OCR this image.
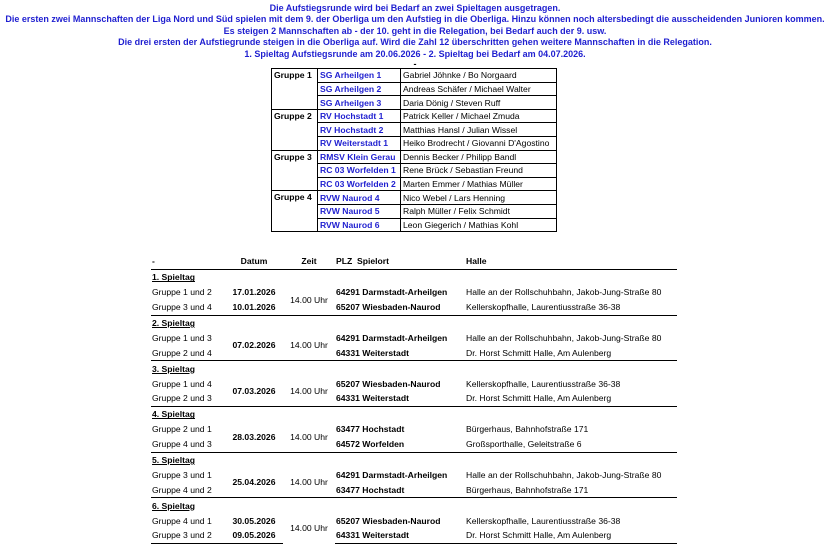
Die Aufstiegsrunde wird bei Bedarf an zwei Spieltagen ausgetragen.
Die ersten zwei Mannschaften der Liga Nord und Süd spielen mit dem 9. der Oberliga um den Aufstieg in die Oberliga. Hinzu können noch altersbedingt die ausscheidenden Junioren kommen.
Es steigen 2 Mannschaften ab - der 10. geht in die Relegation, bei Bedarf auch der 9. usw.
Die drei ersten der Aufstiegrunde steigen in die Oberliga auf. Wird die Zahl 12 überschritten gehen weitere Mannschaften in die Relegation.
1. Spieltag Aufstiegsrunde am 20.06.2026 - 2. Spieltag bei Bedarf am 04.07.2026.
-
Gruppe 1	SG Arheilgen 1	Gabriel Jöhnke / Bo Norgaard
	SG Arheilgen 2	Andreas Schäfer / Michael Walter
	SG Arheilgen 3	Daria Dönig / Steven Ruff
Gruppe 2	RV Hochstadt 1	Patrick Keller / Michael Zmuda
	RV Hochstadt 2	Matthias Hansl / Julian Wissel
	RV Weiterstadt 1	Heiko Brodrecht / Giovanni D'Agostino
Gruppe 3	RMSV Klein Gerau	Dennis Becker / Philipp Bandl
	RC 03 Worfelden 1	Rene Brück / Sebastian Freund
	RC 03 Worfelden 2	Marten Emmer / Mathias Müller
Gruppe 4	RVW Naurod 4	Nico Webel / Lars Henning
	RVW Naurod 5	Ralph Müller / Felix Schmidt
	RVW Naurod 6	Leon Giegerich / Mathias Kohl
-	Datum	Zeit	PLZ Spielort	Halle
1. Spieltag				
Gruppe 1 und 2	17.01.2026	14.00 Uhr	64291 Darmstadt-Arheilgen	Halle an der Rollschuhbahn, Jakob-Jung-Straße 80
Gruppe 3 und 4	10.01.2026		65207 Wiesbaden-Naurod	Kellerskopfhalle, Laurentiusstraße 36-38
2. Spieltag				
Gruppe 1 und 3	07.02.2026	14.00 Uhr	64291 Darmstadt-Arheilgen	Halle an der Rollschuhbahn, Jakob-Jung-Straße 80
Gruppe 2 und 4			64331 Weiterstadt	Dr. Horst Schmitt Halle, Am Aulenberg
3. Spieltag				
Gruppe 1 und 4	07.03.2026	14.00 Uhr	65207 Wiesbaden-Naurod	Kellerskopfhalle, Laurentiusstraße 36-38
Gruppe 2 und 3			64331 Weiterstadt	Dr. Horst Schmitt Halle, Am Aulenberg
4. Spieltag				
Gruppe 2 und 1	28.03.2026	14.00 Uhr	63477 Hochstadt	Bürgerhaus, Bahnhofstraße 171
Gruppe 4 und 3			64572 Worfelden	Großsporthalle, Geleitstraße 6
5. Spieltag				
Gruppe 3 und 1	25.04.2026	14.00 Uhr	64291 Darmstadt-Arheilgen	Halle an der Rollschuhbahn, Jakob-Jung-Straße 80
Gruppe 4 und 2			63477 Hochstadt	Bürgerhaus, Bahnhofstraße 171
6. Spieltag				
Gruppe 4 und 1	30.05.2026	14.00 Uhr	65207 Wiesbaden-Naurod	Kellerskopfhalle, Laurentiusstraße 36-38
Gruppe 3 und 2	09.05.2026		64331 Weiterstadt	Dr. Horst Schmitt Halle, Am Aulenberg
